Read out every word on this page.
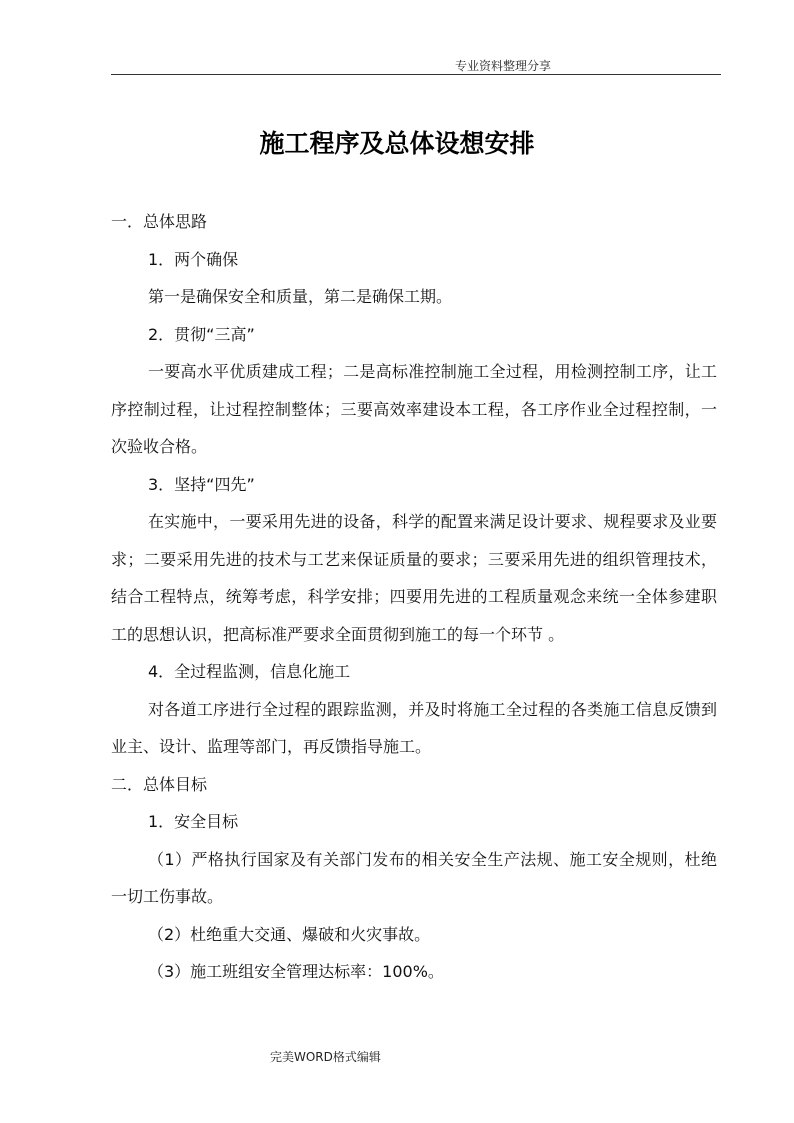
专业资料整理分享
施工程序及总体设想安排

一．总体思路

1．两个确保

第一是确保安全和质量，第二是确保工期。

2．贯彻“三高”

一要高水平优质建成工程；二是高标准控制施工全过程，用检测控制工序，让工序控制过程，让过程控制整体；三要高效率建设本工程，各工序作业全过程控制，一次验收合格。

3．坚持“四先”

在实施中，一要采用先进的设备，科学的配置来满足设计要求、规程要求及业要求；二要采用先进的技术与工艺来保证质量的要求；三要采用先进的组织管理技术，结合工程特点，统筹考虑，科学安排；四要用先进的工程质量观念来统一全体参建职工的思想认识，把高标准严要求全面贯彻到施工的每一个环节 。

4．全过程监测，信息化施工

对各道工序进行全过程的跟踪监测，并及时将施工全过程的各类施工信息反馈到业主、设计、监理等部门，再反馈指导施工。

二．总体目标

1．安全目标

（1）严格执行国家及有关部门发布的相关安全生产法规、施工安全规则，杜绝一切工伤事故。

（2）杜绝重大交通、爆破和火灾事故。

（3）施工班组安全管理达标率：100%。

完美WORD格式编辑
